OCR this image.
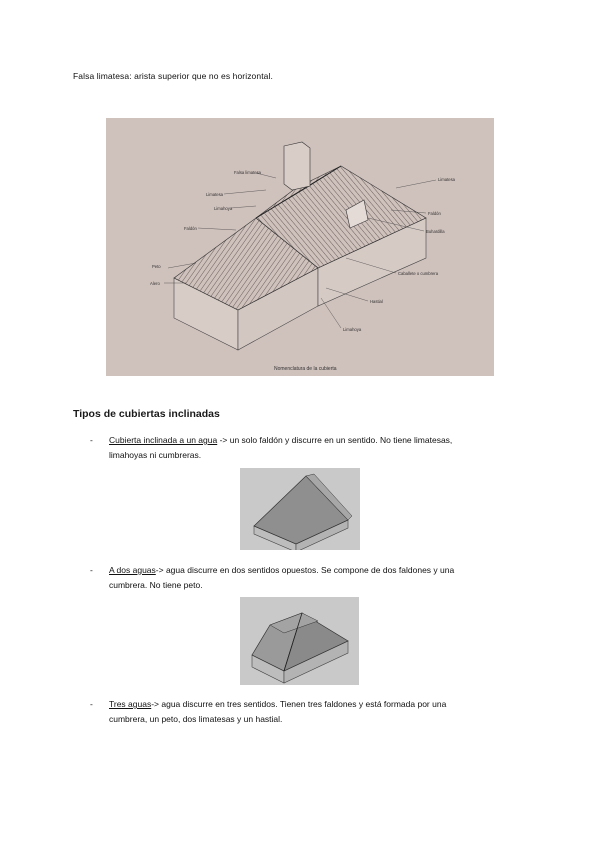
Falsa limatesa: arista superior que no es horizontal.
Falsa limatesa
Limatesa
Limahoya
Faldón
Peto
Alero
Limatesa
Faldón
Buhardilla
Caballete o cumbrera
Hastial
Limahoya
Nomenclatura de la cubierta
Tipos de cubiertas inclinadas
- Cubierta inclinada a un agua -> un solo faldón y discurre en un sentido. No tiene limatesas,
limahoyas ni cumbreras.
- A dos aguas-> agua discurre en dos sentidos opuestos. Se compone de dos faldones y una
cumbrera. No tiene peto.
- Tres aguas-> agua discurre en tres sentidos. Tienen tres faldones y está formada por una
cumbrera, un peto, dos limatesas y un hastial.
